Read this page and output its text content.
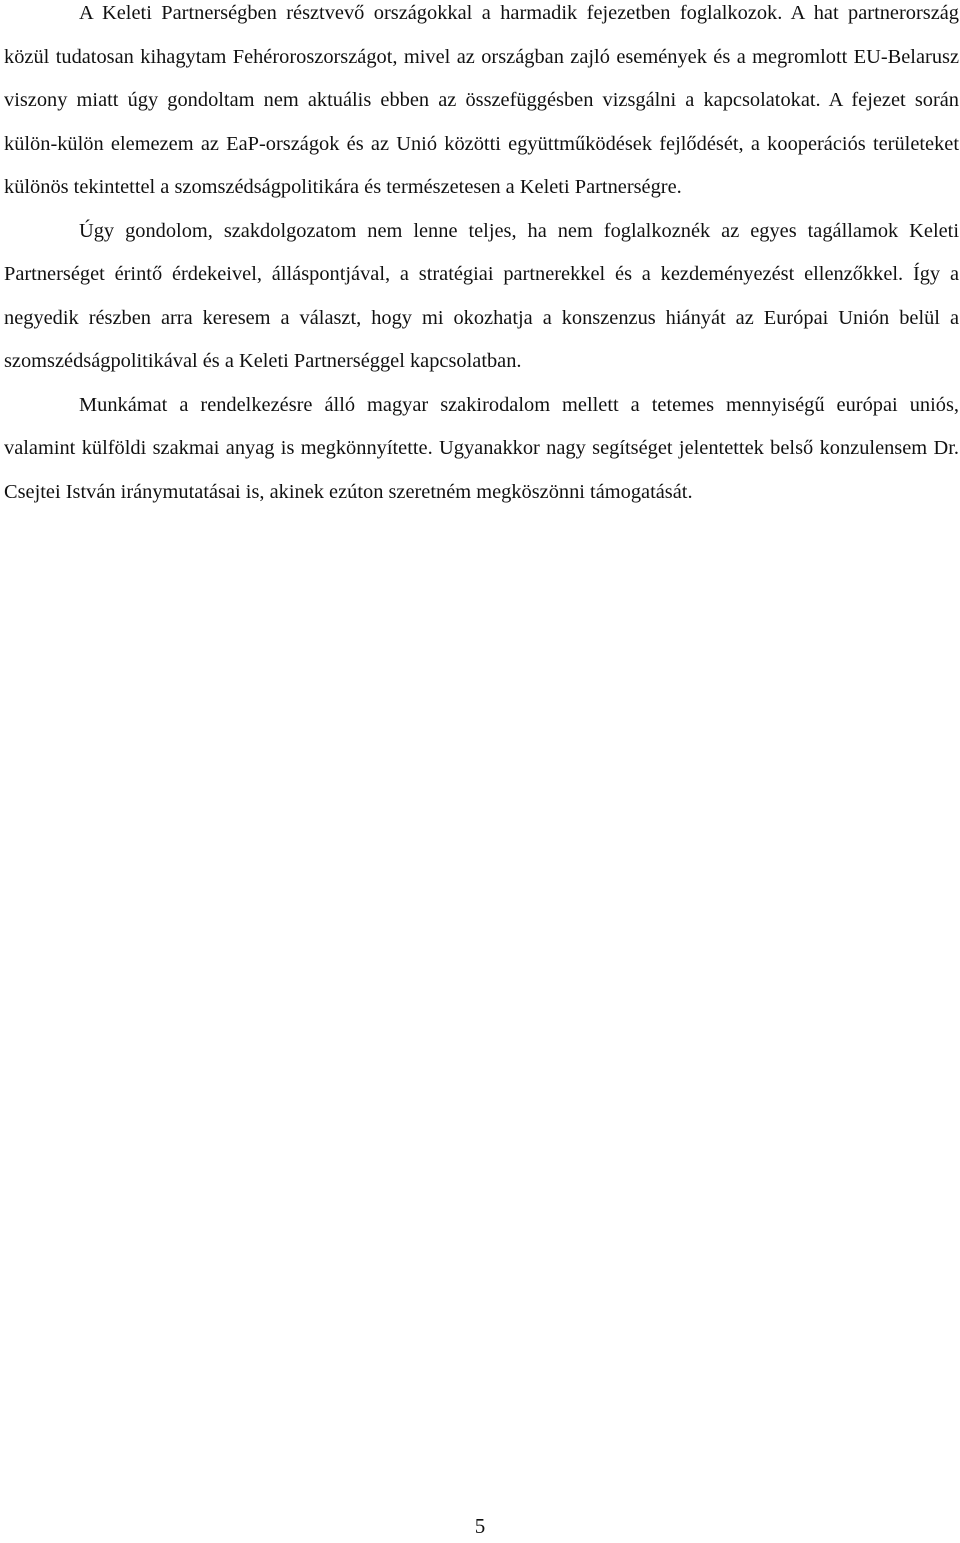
A Keleti Partnerségben résztvevő országokkal a harmadik fejezetben foglalkozok. A hat partnerország közül tudatosan kihagytam Fehéroroszországot, mivel az országban zajló események és a megromlott EU-Belarusz viszony miatt úgy gondoltam nem aktuális ebben az összefüggésben vizsgálni a kapcsolatokat. A fejezet során külön-külön elemezem az EaP-országok és az Unió közötti együttműködések fejlődését, a kooperációs területeket különös tekintettel a szomszédságpolitikára és természetesen a Keleti Partnerségre.

Úgy gondolom, szakdolgozatom nem lenne teljes, ha nem foglalkoznék az egyes tagállamok Keleti Partnerséget érintő érdekeivel, álláspontjával, a stratégiai partnerekkel és a kezdeményezést ellenzőkkel. Így a negyedik részben arra keresem a választ, hogy mi okozhatja a konszenzus hiányát az Európai Unión belül a szomszédságpolitikával és a Keleti Partnerséggel kapcsolatban.

Munkámat a rendelkezésre álló magyar szakirodalom mellett a tetemes mennyiségű európai uniós, valamint külföldi szakmai anyag is megkönnyítette. Ugyanakkor nagy segítséget jelentettek belső konzulensem Dr. Csejtei István iránymutatásai is, akinek ezúton szeretném megköszönni támogatását.

5
